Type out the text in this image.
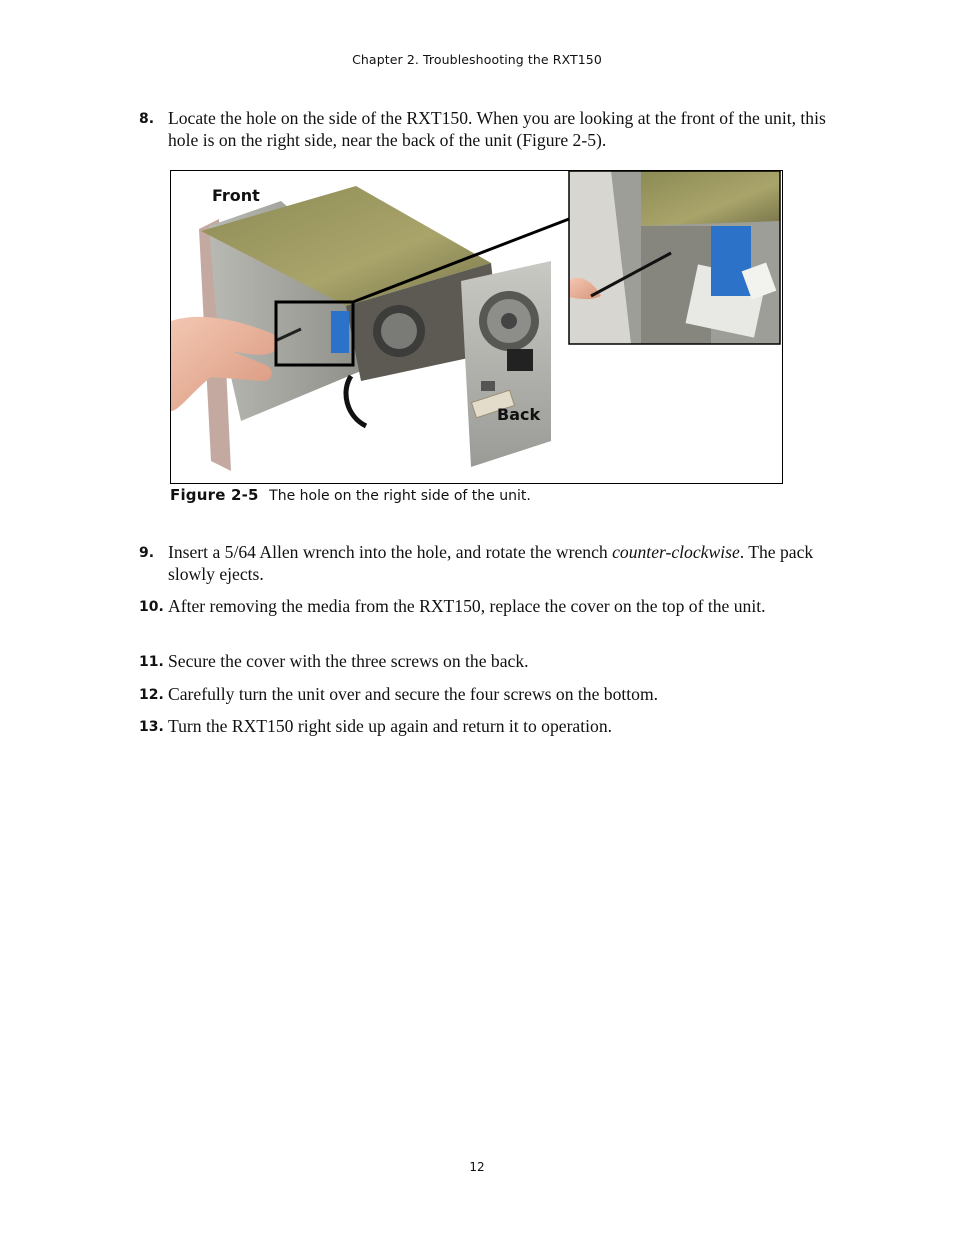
Chapter 2. Troubleshooting the RXT150
8. Locate the hole on the side of the RXT150. When you are looking at the front of the unit, this hole is on the right side, near the back of the unit (Figure 2-5).
Front
Back
Figure 2-5 The hole on the right side of the unit.
9. Insert a 5/64 Allen wrench into the hole, and rotate the wrench counter-clockwise. The pack slowly ejects.
10. After removing the media from the RXT150, replace the cover on the top of the unit.
11. Secure the cover with the three screws on the back.
12. Carefully turn the unit over and secure the four screws on the bottom.
13. Turn the RXT150 right side up again and return it to operation.
12
